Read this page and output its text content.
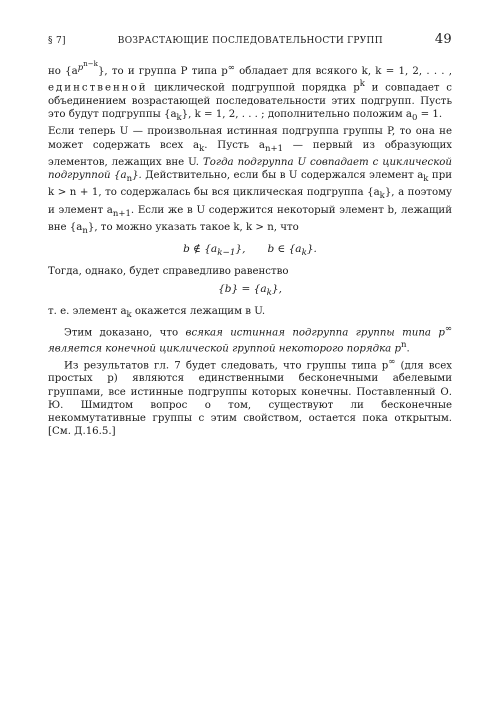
§ 7]	ВОЗРАСТАЮЩИЕ ПОСЛЕДОВАТЕЛЬНОСТИ ГРУПП	49

но $\{a^{p^{n-k}}\}$, то и группа P типа p∞ обладает для всякого k, k = 1, 2, . . . , единственной циклической подгруппой порядка $p^k$ и совпадает с объединением возрастающей последовательности этих подгрупп. Пусть это будут подгруппы $\{a_k\}$, k = 1, 2, . . . ; дополнительно положим $a_0 = 1$.

Если теперь U — произвольная истинная подгруппа группы P, то она не может содержать всех $a_k$. Пусть $a_{n+1}$ — первый из образующих элементов, лежащих вне U. Тогда подгруппа U совпадает с циклической подгруппой $\{a_n\}$. Действительно, если бы в U содержался элемент $a_k$ при k > n + 1, то содержалась бы вся циклическая подгруппа $\{a_k\}$, а поэтому и элемент $a_{n+1}$. Если же в U содержится некоторый элемент b, лежащий вне $\{a_n\}$, то можно указать такое k, k > n, что

b ∉ $\{a_{k-1}\}$, b ∈ $\{a_k\}$.

Тогда, однако, будет справедливо равенство

$\{b\} = \{a_k\}$,

т. е. элемент $a_k$ окажется лежащим в U.

Этим доказано, что всякая истинная подгруппа группы типа p∞ является конечной циклической группой некоторого порядка $p^n$.

Из результатов гл. 7 будет следовать, что группы типа p∞ (для всех простых p) являются единственными бесконечными абелевыми группами, все истинные подгруппы которых конечны. Поставленный О. Ю. Шмидтом вопрос о том, существуют ли бесконечные некоммутативные группы с этим свойством, остается пока открытым. [См. Д.16.5.]
